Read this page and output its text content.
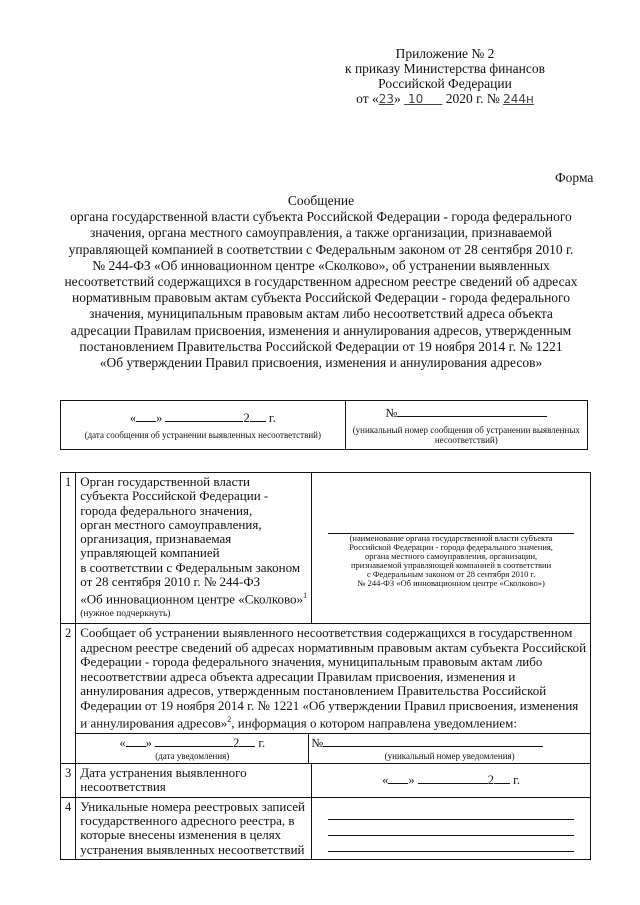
Приложение № 2
к приказу Министерства финансов
Российской Федерации
от «23» 10 2020 г. № 244н
Форма
Сообщение
органа государственной власти субъекта Российской Федерации - города федерального
значения, органа местного самоуправления, а также организации, признаваемой
управляющей компанией в соответствии с Федеральным законом от 28 сентября 2010 г.
№ 244-ФЗ «Об инновационном центре «Сколково», об устранении выявленных
несоответствий содержащихся в государственном адресном реестре сведений об адресах
нормативным правовым актам субъекта Российской Федерации - города федерального
значения, муниципальным правовым актам либо несоответствий адреса объекта
адресации Правилам присвоения, изменения и аннулирования адресов, утвержденным
постановлением Правительства Российской Федерации от 19 ноября 2014 г. № 1221
«Об утверждении Правил присвоения, изменения и аннулирования адресов»
« »	2 г.
(дата сообщения об устранении выявленных несоответствий)

№
(уникальный номер сообщения об устранении выявленных несоответствий)
1	Орган государственной власти
субъекта Российской Федерации -
города федерального значения,
орган местного самоуправления,
организация, признаваемая
управляющей компанией
в соответствии с Федеральным законом
от 28 сентября 2010 г. № 244-ФЗ
«Об инновационном центре «Сколково»$^1$
(нужное подчеркнуть)

(наименование органа государственной власти субъекта
Российской Федерации - города федерального значения,
органа местного самоуправления, организации,
признаваемой управляющей компанией в соответствии
с Федеральным законом от 28 сентября 2010 г.
№ 244-ФЗ «Об инновационном центре «Сколково»)

2	Сообщает об устранении выявленного несоответствия содержащихся в государственном
адресном реестре сведений об адресах нормативным правовым актам субъекта Российской
Федерации - города федерального значения, муниципальным правовым актам либо
несоответствии адреса объекта адресации Правилам присвоения, изменения и
аннулирования адресов, утвержденным постановлением Правительства Российской
Федерации от 19 ноября 2014 г. № 1221 «Об утверждении Правил присвоения, изменения
и аннулирования адресов»$^2$, информация о котором направлена уведомлением:
« »	2 г.
(дата уведомления)

№
(уникальный номер уведомления)

3	Дата устранения выявленного
несоответствия	« »	2 г.

4	Уникальные номера реестровых записей
государственного адресного реестра, в
которые внесены изменения в целях
устранения выявленных несоответствий
